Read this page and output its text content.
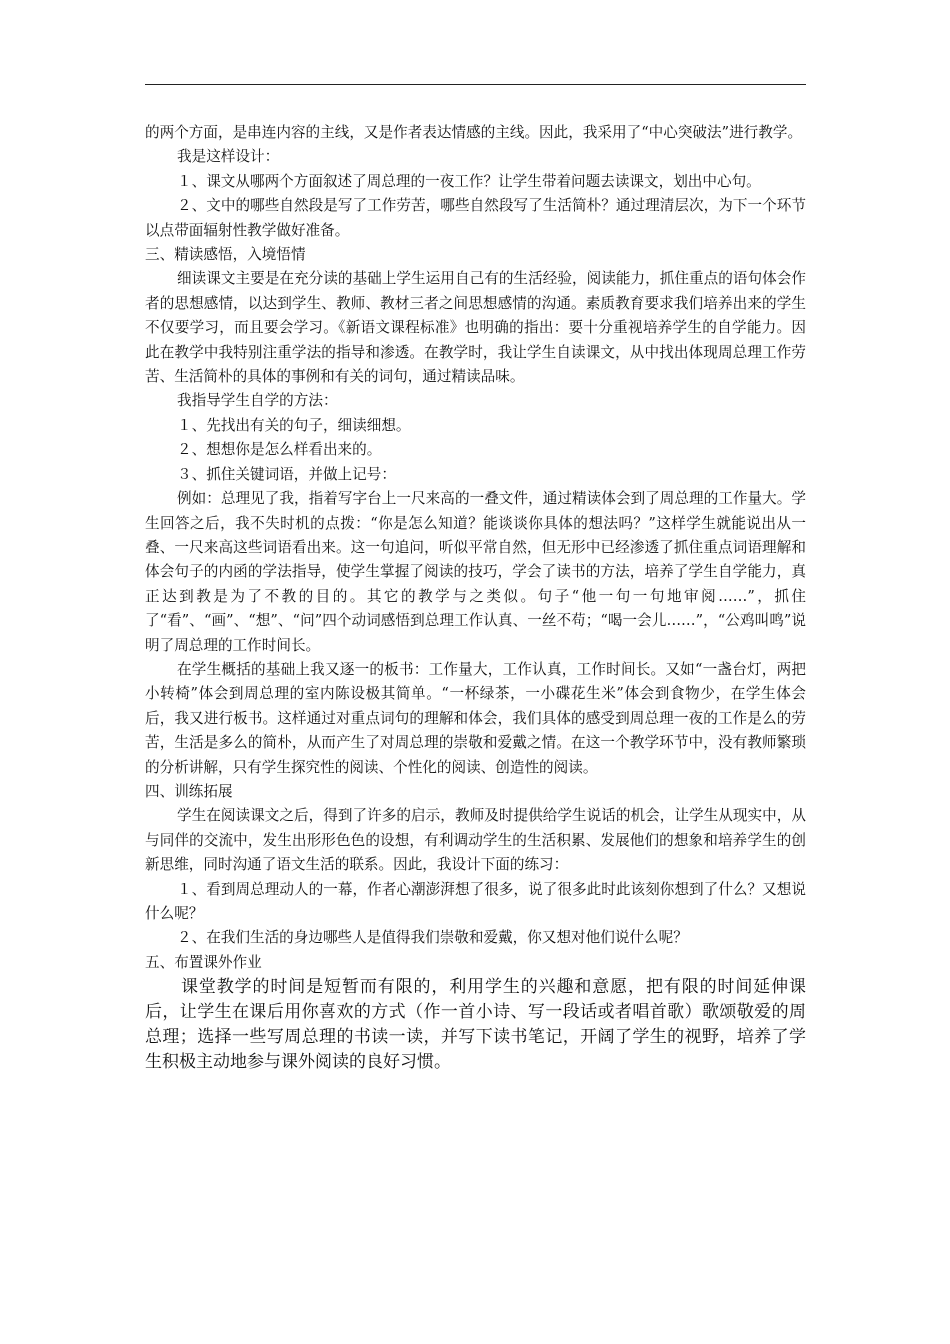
的两个方面，是串连内容的主线，又是作者表达情感的主线。因此，我采用了“中心突破法”进行教学。

我是这样设计：

１、课文从哪两个方面叙述了周总理的一夜工作？让学生带着问题去读课文，划出中心句。

２、文中的哪些自然段是写了工作劳苦，哪些自然段写了生活简朴？通过理清层次，为下一个环节以点带面辐射性教学做好准备。

三、精读感悟，入境悟情

细读课文主要是在充分读的基础上学生运用自己有的生活经验，阅读能力，抓住重点的语句体会作者的思想感情，以达到学生、教师、教材三者之间思想感情的沟通。素质教育要求我们培养出来的学生不仅要学习，而且要会学习。《新语文课程标准》也明确的指出：要十分重视培养学生的自学能力。因此在教学中我特别注重学法的指导和渗透。在教学时，我让学生自读课文，从中找出体现周总理工作劳苦、生活简朴的具体的事例和有关的词句，通过精读品味。

我指导学生自学的方法：

１、先找出有关的句子，细读细想。

２、想想你是怎么样看出来的。

３、抓住关键词语，并做上记号：

例如：总理见了我，指着写字台上一尺来高的一叠文件，通过精读体会到了周总理的工作量大。学生回答之后，我不失时机的点拨：“你是怎么知道？能谈谈你具体的想法吗？”这样学生就能说出从一叠、一尺来高这些词语看出来。这一句追问，听似平常自然，但无形中已经渗透了抓住重点词语理解和体会句子的内函的学法指导，使学生掌握了阅读的技巧，学会了读书的方法，培养了学生自学能力，真正达到教是为了不教的目的。其它的教学与之类似。句子“他一句一句地审阅……”，抓住了“看”、“画”、“想”、“问”四个动词感悟到总理工作认真、一丝不苟；“喝一会儿……”，“公鸡叫鸣”说明了周总理的工作时间长。

在学生概括的基础上我又逐一的板书：工作量大，工作认真，工作时间长。又如“一盏台灯，两把小转椅”体会到周总理的室内陈设极其简单。“一杯绿茶，一小碟花生米”体会到食物少，在学生体会后，我又进行板书。这样通过对重点词句的理解和体会，我们具体的感受到周总理一夜的工作是么的劳苦，生活是多么的简朴，从而产生了对周总理的崇敬和爱戴之情。在这一个教学环节中，没有教师繁琐的分析讲解，只有学生探究性的阅读、个性化的阅读、创造性的阅读。

四、训练拓展

学生在阅读课文之后，得到了许多的启示，教师及时提供给学生说话的机会，让学生从现实中，从与同伴的交流中，发生出形形色色的设想，有利调动学生的生活积累、发展他们的想象和培养学生的创新思维，同时沟通了语文生活的联系。因此，我设计下面的练习：

１、看到周总理动人的一幕，作者心潮澎湃想了很多，说了很多此时此该刻你想到了什么？又想说什么呢？

２、在我们生活的身边哪些人是值得我们崇敬和爱戴，你又想对他们说什么呢？

五、布置课外作业

课堂教学的时间是短暂而有限的，利用学生的兴趣和意愿，把有限的时间延伸课后，让学生在课后用你喜欢的方式（作一首小诗、写一段话或者唱首歌）歌颂敬爱的周总理；选择一些写周总理的书读一读，并写下读书笔记，开阔了学生的视野，培养了学生积极主动地参与课外阅读的良好习惯。
